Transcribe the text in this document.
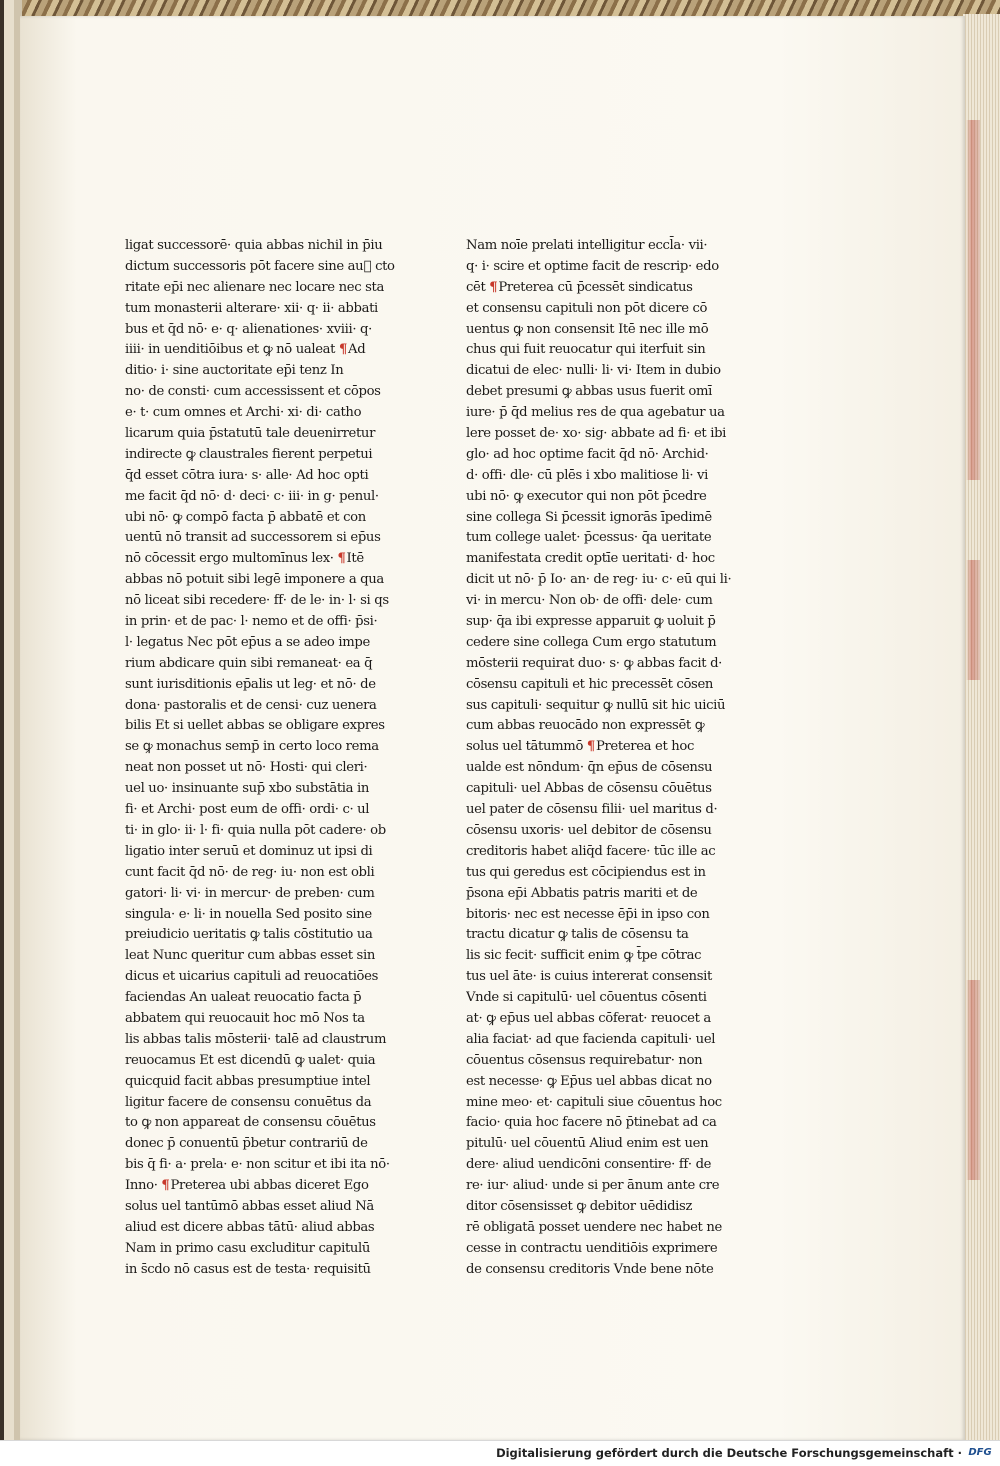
ligat successorē· quia abbas nichil in p̄iu
dictum successoris pōt facere sine au᷑ cto
ritate ep̄i nec alienare nec locare nec sta
tum monasterii alterare· xii· q· ii· abbati
bus et q̄d nō· e· q· alienationes· xviii· q·
iiii· in uenditiōibus et ꝙ nō ualeat ¶Ad
ditio· i· sine auctoritate ep̄i tenz In
no· de consti· cum accessissent et cōpos
e· t· cum omnes et Archi· xi· di· catho
licarum quia p̄statutū tale deuenirretur
indirecte ꝙ claustrales fierent perpetui
q̄d esset cōtra iura· s· alle· Ad hoc opti
me facit q̄d nō· d· deci· c· iii· in g· penul·
ubi nō· ꝙ compō facta p̄ abbatē et con
uentū nō transit ad successorem si ep̄us
nō cōcessit ergo multomīnus lex· ¶Itē
abbas nō potuit sibi legē imponere a qua
nō liceat sibi recedere· ff· de le· in· l· si qs
in prin· et de pac· l· nemo et de offi· p̄si·
l· legatus Nec pōt ep̄us a se adeo impe
rium abdicare quin sibi remaneat· ea q̄
sunt iurisditionis ep̄alis ut leg· et nō· de
dona· pastoralis et de censi· cuz uenera
bilis Et si uellet abbas se obligare expres
se ꝙ monachus semp̄ in certo loco rema
neat non posset ut nō· Hosti· qui cleri·
uel uo· insinuante sup̄ xbo substātia in
fi· et Archi· post eum de offi· ordi· c· ul
ti· in glo· ii· l· fi· quia nulla pōt cadere· ob
ligatio inter seruū et dominuz ut ipsi di
cunt facit q̄d nō· de reg· iu· non est obli
gatori· li· vi· in mercur· de preben· cum
singula· e· li· in nouella Sed posito sine
preiudicio ueritatis ꝙ talis cōstitutio ua
leat Nunc queritur cum abbas esset sin
dicus et uicarius capituli ad reuocatiōes
faciendas An ualeat reuocatio facta p̄
abbatem qui reuocauit hoc mō Nos ta
lis abbas talis mōsterii· talē ad claustrum
reuocamus Et est dicendū ꝙ ualet· quia
quicquid facit abbas presumptiue intel
ligitur facere de consensu conuētus da
to ꝙ non appareat de consensu cōuētus
donec p̄ conuentū p̄betur contrariū de
bis q̄ fi· a· prela· e· non scitur et ibi ita nō·
Inno· ¶Preterea ubi abbas diceret Ego
solus uel tantūmō abbas esset aliud Nā
aliud est dicere abbas tātū· aliud abbas
Nam in primo casu excluditur capitulū
in s̄cdo nō casus est de testa· requisitū
Nam noīe prelati intelligitur eccl̄a· vii·
q· i· scire et optime facit de rescrip· edo
cēt ¶Preterea cū p̄cessēt sindicatus
et consensu capituli non pōt dicere cō
uentus ꝙ non consensit Itē nec ille mō
chus qui fuit reuocatur qui iterfuit sin
dicatui de elec· nulli· li· vi· Item in dubio
debet presumi ꝙ abbas usus fuerit omī
iure· p̄ q̄d melius res de qua agebatur ua
lere posset de· xo· sig· abbate ad fi· et ibi
glo· ad hoc optime facit q̄d nō· Archid·
d· offi· dle· cū plēs i xbo malitiose li· vi
ubi nō· ꝙ executor qui non pōt p̄cedre
sine collega Si p̄cessit ignorās īpedimē
tum college ualet· p̄cessus· q̄a ueritate
manifestata credit optīe ueritati· d· hoc
dicit ut nō· p̄ Io· an· de reg· iu· c· eū qui li·
vi· in mercu· Non ob· de offi· dele· cum
sup· q̄a ibi expresse apparuit ꝙ uoluit p̄
cedere sine collega Cum ergo statutum
mōsterii requirat duo· s· ꝙ abbas facit d·
cōsensu capituli et hic precessēt cōsen
sus capituli· sequitur ꝙ nullū sit hic uiciū
cum abbas reuocādo non expressēt ꝙ
solus uel tātummō ¶Preterea et hoc
ualde est nōndum· q̄n ep̄us de cōsensu
capituli· uel Abbas de cōsensu cōuētus
uel pater de cōsensu filii· uel maritus d·
cōsensu uxoris· uel debitor de cōsensu
creditoris habet aliq̄d facere· tūc ille ac
tus qui geredus est cōcipiendus est in
p̄sona ep̄i Abbatis patris mariti et de
bitoris· nec est necesse ēp̄i in ipso con
tractu dicatur ꝙ talis de cōsensu ta
lis sic fecit· sufficit enim ꝙ t̄pe cōtrac
tus uel āte· is cuius intererat consensit
Vnde si capitulū· uel cōuentus cōsenti
at· ꝙ ep̄us uel abbas cōferat· reuocet a
alia faciat· ad que facienda capituli· uel
cōuentus cōsensus requirebatur· non
est necesse· ꝙ Ep̄us uel abbas dicat no
mine meo· et· capituli siue cōuentus hoc
facio· quia hoc facere nō p̄tinebat ad ca
pitulū· uel cōuentū Aliud enim est uen
dere· aliud uendicōni consentire· ff· de
re· iur· aliud· unde si per ānum ante cre
ditor cōsensisset ꝙ debitor uēdidisz
rē obligatā posset uendere nec habet ne
cesse in contractu uenditiōis exprimere
de consensu creditoris Vnde bene nōte
Digitalisierung gefördert durch die Deutsche Forschungsgemeinschaft · DFG
